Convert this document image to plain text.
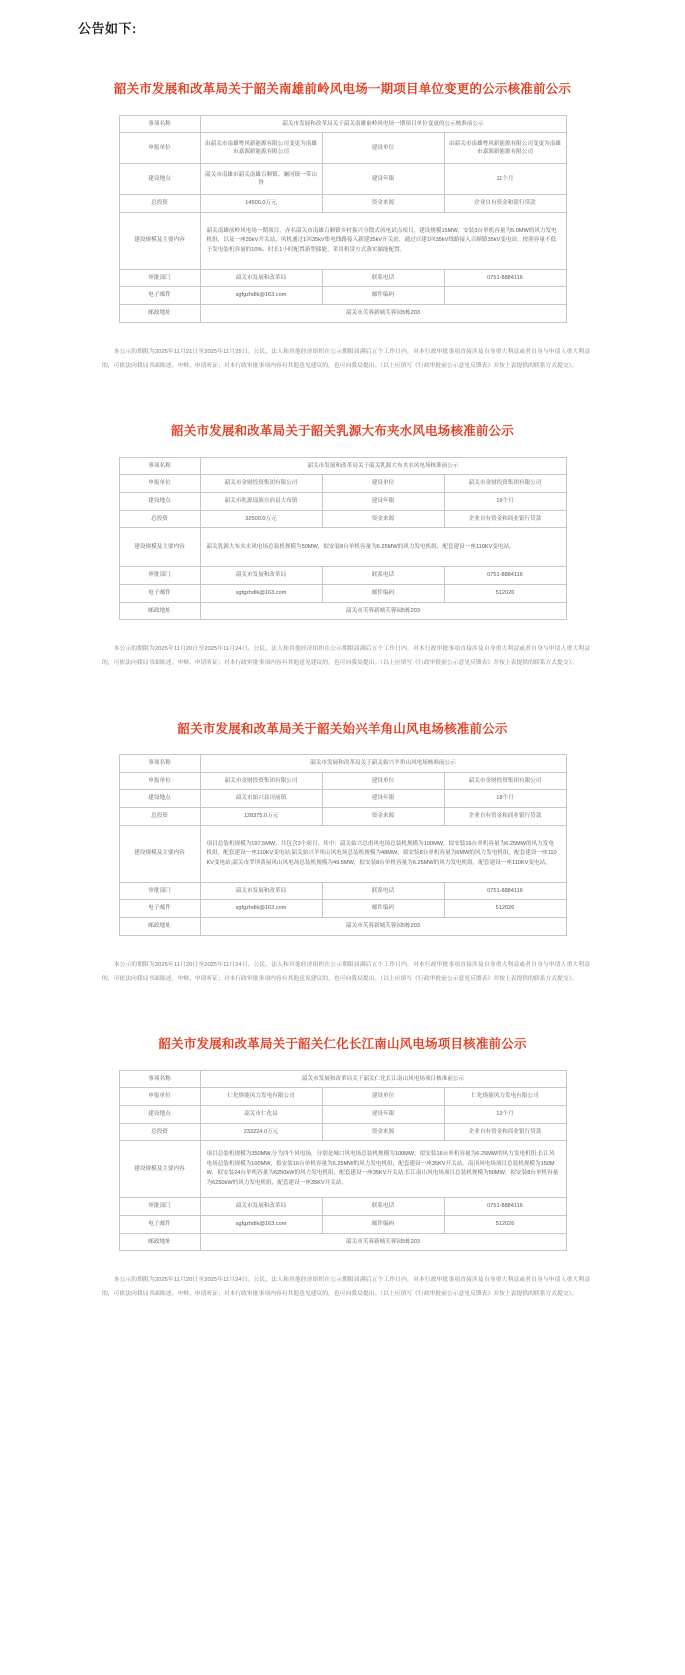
公告如下:
韶关市发展和改革局关于韶关南雄前岭风电场一期项目单位变更的公示核准前公示
事项名称	韶关市发展和改革局关于韶关南雄前岭风电场一期项目单位变更的公示核准前公示		
申报单位	由韶关市南雄粤风新能源有限公司变更为南雄市嘉源新能源有限公司	建设单位	由韶关市南雄粤风新能源有限公司变更为南雄市嘉源新能源有限公司
建设地点	韶关市南雄市韶关南雄百顺镇、澜河镇一带山脊	建设年限	11个月
总投资	14500.0万元	资金来源	企业自有资金和银行贷款
建设规模及主要内容	韶关南雄前岭风电场一期项目，亦名韶关市南雄百顺镇乡村振兴分散式风电试点项目，建设规模15MW，安装3台单机容量为5.0MW的风力发电机组，以及一座35kV开关站，风机通过1回35kV集电线路接入新建35kV开关站，通过自建1回35kV线路接入百顺镇35kV变电站。按照容量不低于发电装机容量的10%、时长1小时配置新型储能，采用租赁方式落实储能配置。		
审批部门	韶关市发展和改革局	联系电话	0751-8884116
电子邮件	sgfgzhdlk@163.com	邮件编码	
邮政地址	韶关市芙蓉新城芙蓉园5栋203		

本公示的期限为2025年11月21日至2025年11月25日。公民、法人和其他经济组织在公示期限届满后五个工作日内，对本行政审批事项直接涉及自身重大利益或者自身与申请人重大利益的，可依法向我局书面陈述、申辩、申请听证；对本行政审批事项内容有其他意见建议的，也可向我局提出。（以上应填写《行政审批前公示意见反馈表》并按上表提供的联系方式提交）。

韶关市发展和改革局关于韶关乳源大布夹水风电场核准前公示
事项名称	韶关市发展和改革局关于韶关乳源大布夹水风电场核准前公示		
申报单位	韶关市金财投资集团有限公司	建设单位	韶关市金财投资集团有限公司
建设地点	韶关市乳源瑶族自治县大布镇	建设年限	19个月
总投资	32500.0万元	资金来源	企业自有资金和商业银行贷款
建设规模及主要内容	韶关乳源大布夹水风电场总装机规模为50MW，拟安装8台单机容量为6.25MW的风力发电机组，配套建设一座110KV变电站。		
审批部门	韶关市发展和改革局	联系电话	0751-8884116
电子邮件	sgfgzhdlk@163.com	邮件编码	512026
邮政地址	韶关市芙蓉新城芙蓉园5栋203		

本公示的期限为2025年11月20日至2025年11月24日。公民、法人和其他经济组织在公示期限届满后五个工作日内，对本行政审批事项直接涉及自身重大利益或者自身与申请人重大利益的，可依法向我局书面陈述、申辩、申请听证；对本行政审批事项内容有其他意见建议的，也可向我局提出。（以上应填写《行政审批前公示意见反馈表》并按上表提供的联系方式提交）。

韶关市发展和改革局关于韶关始兴羊角山风电场核准前公示
事项名称	韶关市发展和改革局关于韶关始兴羊角山风电场核准前公示		
申报单位	韶关市金财投资集团有限公司	建设单位	韶关市金财投资集团有限公司
建设地点	韶关市始兴县司前镇	建设年限	18个月
总投资	128375.0万元	资金来源	企业自有资金和商业银行贷款
建设规模及主要内容	项目总装机规模为197.5MW，共包含3个项目，其中：韶关始兴总甫风电场总装机规模为100MW，拟安装16台单机容量为6.25MW的风力发电机组，配套建设一座110KV变电站;韶关始兴羊角山风电场总装机规模为48MW，拟安装8台单机容量为6MW的风力发电机组，配套建设一座110KV变电站;韶关市罗坝黄屋风山风电场总装机规模为49.5MW，拟安装8台单机容量为6.25MW的风力发电机组，配套建设一座110KV变电站。		
审批部门	韶关市发展和改革局	联系电话	0751-8884116
电子邮件	sgfgzhdlk@163.com	邮件编码	512026
邮政地址	韶关市芙蓉新城芙蓉园5栋203		

本公示的期限为2025年11月20日至2025年11月24日。公民、法人和其他经济组织在公示期限届满后五个工作日内，对本行政审批事项直接涉及自身重大利益或者自身与申请人重大利益的，可依法向我局书面陈述、申辩、申请听证；对本行政审批事项内容有其他意见建议的，也可向我局提出。（以上应填写《行政审批前公示意见反馈表》并按上表提供的联系方式提交）。

韶关市发展和改革局关于韶关仁化长江南山风电场项目核准前公示
事项名称	韶关市发展和改革局关于韶关仁化长江南山风电场项目核准前公示		
申报单位	仁化焕能风力发电有限公司	建设单位	仁化焕能风力发电有限公司
建设地点	韶关市仁化县	建设年限	13个月
总投资	233224.0万元	资金来源	企业自有资金和商业银行贷款
建设规模及主要内容	项目总装机规模为350MW,分为四个风电场，分别是城口风电场总装机规模为100MW，拟安装16台单机容量为6.25MW的风力发电机组;长江风电场总装机规模为100MW，拟安装16台单机容量为6.25MW的风力发电机组，配套建设一座35KV开关站。南顶风电场项目总装机规模为150MW，拟安装24台单机容量为6250kW的风力发电机组，配套建设一座35KV开关站;长江南山风电场项目总装机规模为50MW，拟安装8台单机容量为6250kW的风力发电机组，配套建设一座35KV开关站。		
审批部门	韶关市发展和改革局	联系电话	0751-8884116
电子邮件	sgfgzhdlk@163.com	邮件编码	512026
邮政地址	韶关市芙蓉新城芙蓉园5栋203		

本公示的期限为2025年11月20日至2025年11月24日。公民、法人和其他经济组织在公示期限届满后五个工作日内，对本行政审批事项直接涉及自身重大利益或者自身与申请人重大利益的，可依法向我局书面陈述、申辩、申请听证；对本行政审批事项内容有其他意见建议的，也可向我局提出。（以上应填写《行政审批前公示意见反馈表》并按上表提供的联系方式提交）。
